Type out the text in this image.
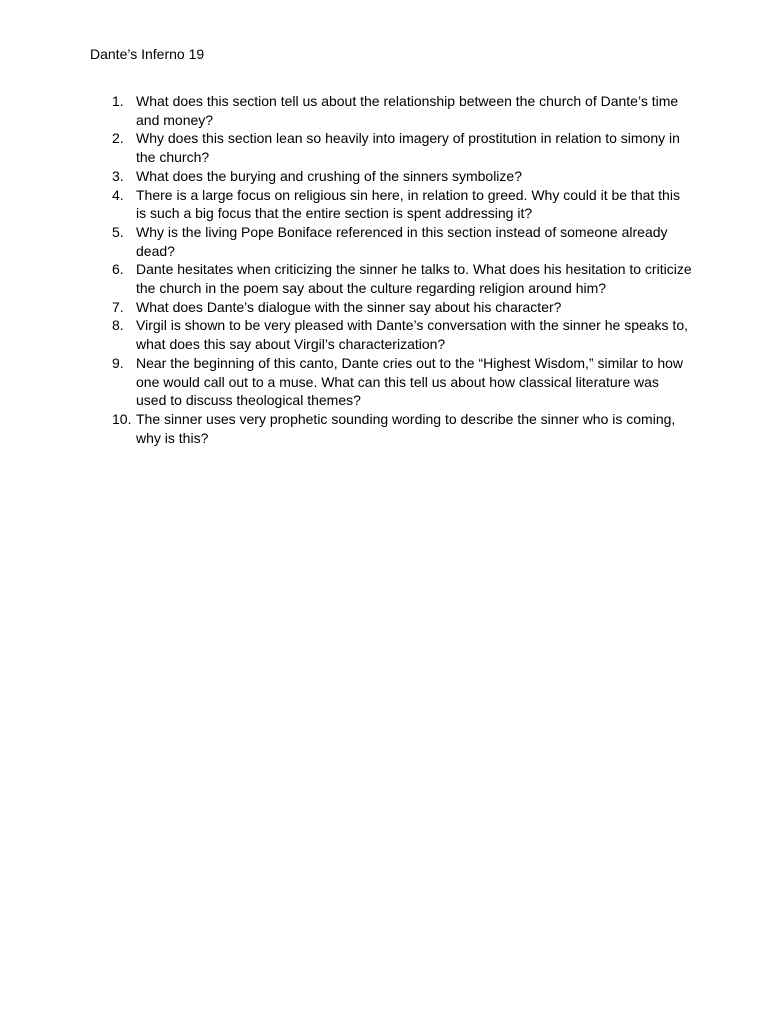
Dante’s Inferno 19
1. What does this section tell us about the relationship between the church of Dante’s time and money?
2. Why does this section lean so heavily into imagery of prostitution in relation to simony in the church?
3. What does the burying and crushing of the sinners symbolize?
4. There is a large focus on religious sin here, in relation to greed. Why could it be that this is such a big focus that the entire section is spent addressing it?
5. Why is the living Pope Boniface referenced in this section instead of someone already dead?
6. Dante hesitates when criticizing the sinner he talks to. What does his hesitation to criticize the church in the poem say about the culture regarding religion around him?
7. What does Dante’s dialogue with the sinner say about his character?
8. Virgil is shown to be very pleased with Dante’s conversation with the sinner he speaks to, what does this say about Virgil’s characterization?
9. Near the beginning of this canto, Dante cries out to the “Highest Wisdom,” similar to how one would call out to a muse. What can this tell us about how classical literature was used to discuss theological themes?
10. The sinner uses very prophetic sounding wording to describe the sinner who is coming, why is this?
